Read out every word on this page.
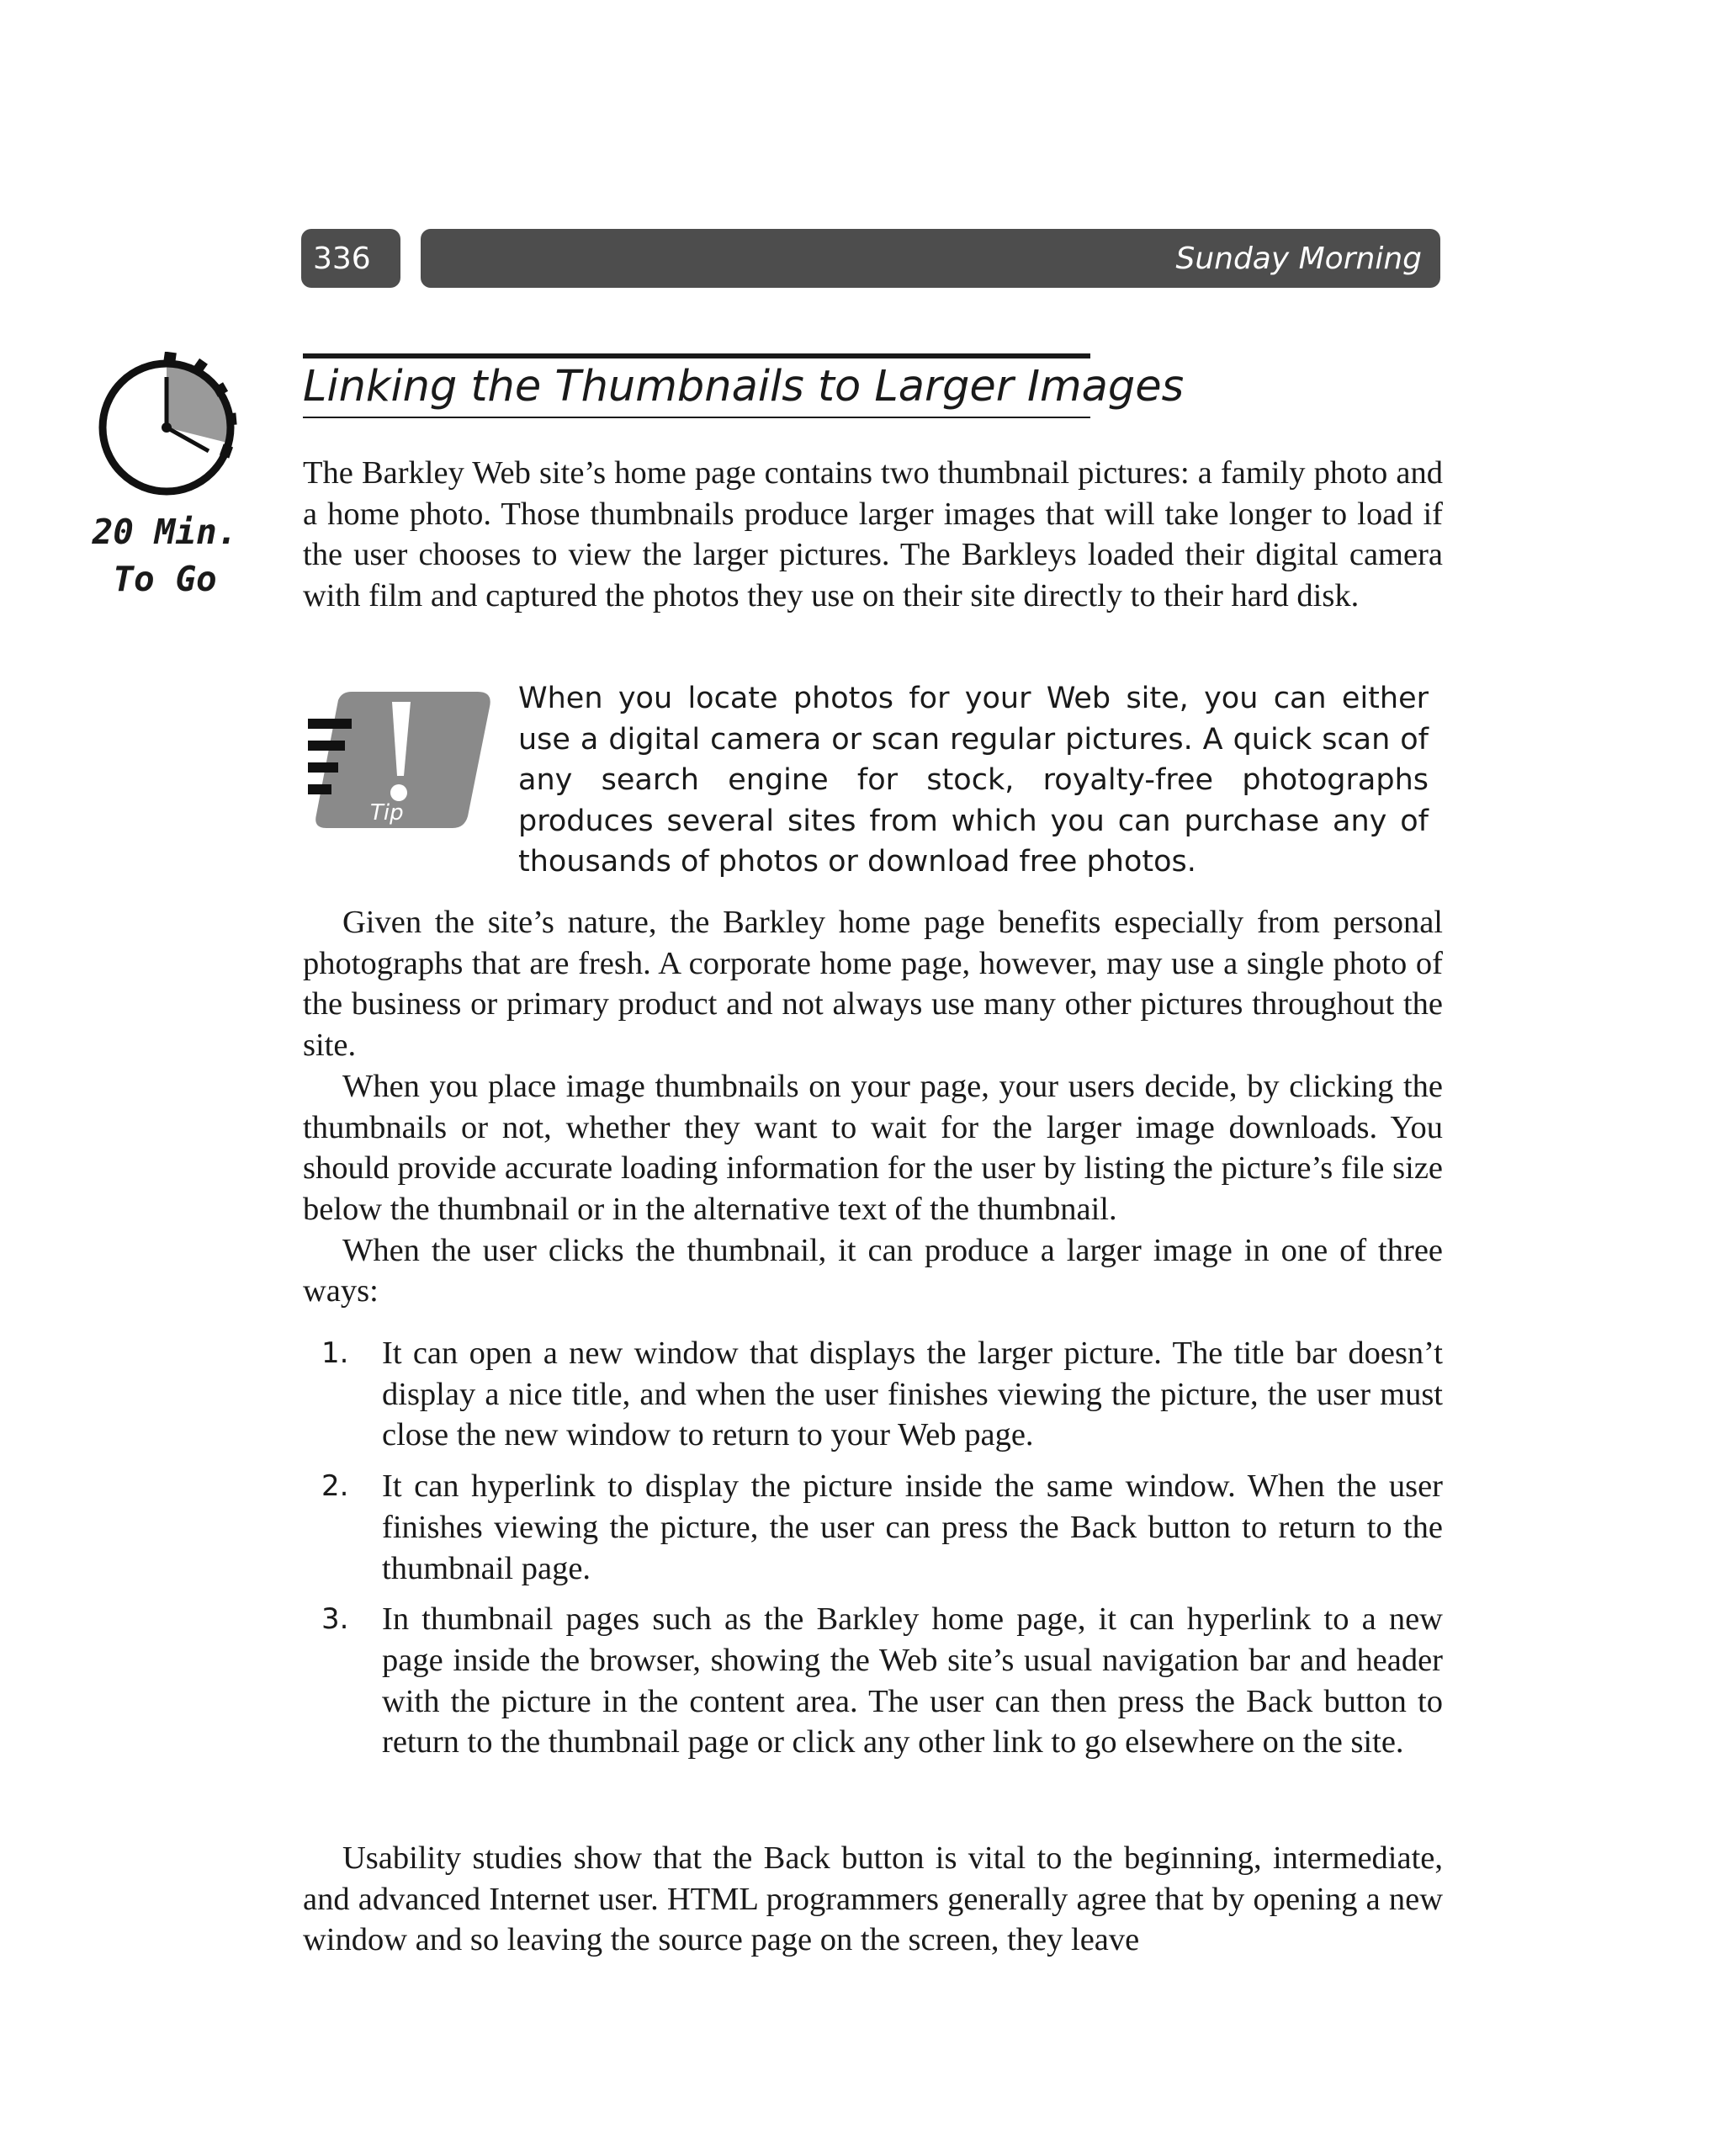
336	Sunday Morning
20 Min.
To Go
Linking the Thumbnails to Larger Images

The Barkley Web site’s home page contains two thumbnail pictures: a family photo and a home photo. Those thumbnails produce larger images that will take longer to load if the user chooses to view the larger pictures. The Barkleys loaded their digital camera with film and captured the photos they use on their site directly to their hard disk.

Tip

When you locate photos for your Web site, you can either use a digital camera or scan regular pictures. A quick scan of any search engine for stock, royalty-free photographs produces several sites from which you can purchase any of thousands of photos or download free photos.

Given the site’s nature, the Barkley home page benefits especially from personal photographs that are fresh. A corporate home page, however, may use a single photo of the business or primary product and not always use many other pictures throughout the site.

When you place image thumbnails on your page, your users decide, by clicking the thumbnails or not, whether they want to wait for the larger image downloads. You should provide accurate loading information for the user by listing the picture’s file size below the thumbnail or in the alternative text of the thumbnail.

When the user clicks the thumbnail, it can produce a larger image in one of three ways:

1. It can open a new window that displays the larger picture. The title bar doesn’t display a nice title, and when the user finishes viewing the picture, the user must close the new window to return to your Web page.
2. It can hyperlink to display the picture inside the same window. When the user finishes viewing the picture, the user can press the Back button to return to the thumbnail page.
3. In thumbnail pages such as the Barkley home page, it can hyperlink to a new page inside the browser, showing the Web site’s usual navigation bar and header with the picture in the content area. The user can then press the Back button to return to the thumbnail page or click any other link to go elsewhere on the site.

Usability studies show that the Back button is vital to the beginning, intermediate, and advanced Internet user. HTML programmers generally agree that by opening a new window and so leaving the source page on the screen, they leave
